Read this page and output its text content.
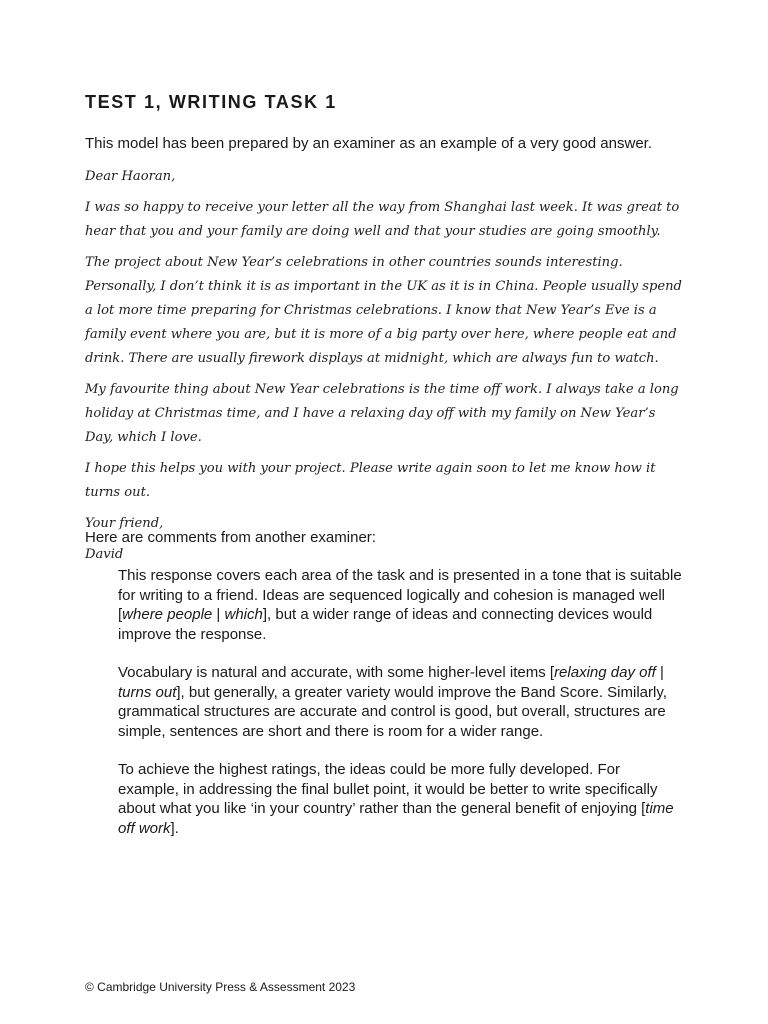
TEST 1, WRITING TASK 1

This model has been prepared by an examiner as an example of a very good answer.

Dear Haoran,

I was so happy to receive your letter all the way from Shanghai last week. It was great to hear that you and your family are doing well and that your studies are going smoothly.

The project about New Year’s celebrations in other countries sounds interesting. Personally, I don’t think it is as important in the UK as it is in China. People usually spend a lot more time preparing for Christmas celebrations. I know that New Year’s Eve is a family event where you are, but it is more of a big party over here, where people eat and drink. There are usually firework displays at midnight, which are always fun to watch.

My favourite thing about New Year celebrations is the time off work. I always take a long holiday at Christmas time, and I have a relaxing day off with my family on New Year’s Day, which I love.

I hope this helps you with your project. Please write again soon to let me know how it turns out.

Your friend,

David

Here are comments from another examiner:

This response covers each area of the task and is presented in a tone that is suitable for writing to a friend. Ideas are sequenced logically and cohesion is managed well [where people | which], but a wider range of ideas and connecting devices would improve the response.

Vocabulary is natural and accurate, with some higher-level items [relaxing day off | turns out], but generally, a greater variety would improve the Band Score. Similarly, grammatical structures are accurate and control is good, but overall, structures are simple, sentences are short and there is room for a wider range.

To achieve the highest ratings, the ideas could be more fully developed. For example, in addressing the final bullet point, it would be better to write specifically about what you like ‘in your country’ rather than the general benefit of enjoying [time off work].

© Cambridge University Press & Assessment 2023
